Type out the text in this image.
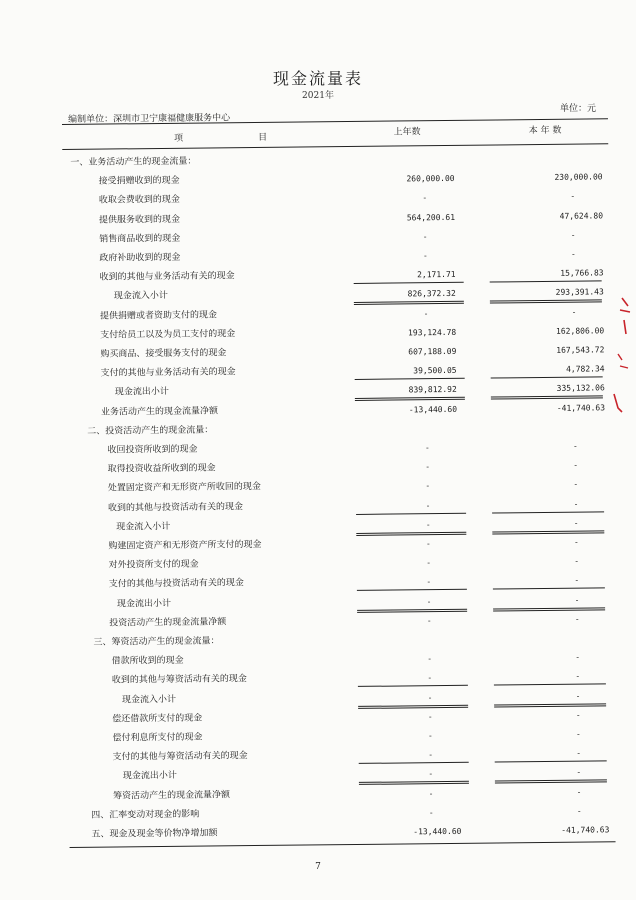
现金流量表
2021年
单位：元
编制单位：深圳市卫宁康福健康服务中心
项	目
上年数	本 年 数
一、业务活动产生的现金流量：
接受捐赠收到的现金	260,000.00	230,000.00
收取会费收到的现金	-	-
提供服务收到的现金	564,200.61	47,624.80
销售商品收到的现金	-	-
政府补助收到的现金	-	-
收到的其他与业务活动有关的现金	2,171.71	15,766.83
现金流入小计	826,372.32	293,391.43
提供捐赠或者资助支付的现金	-	-
支付给员工以及为员工支付的现金	193,124.78	162,806.00
购买商品、接受服务支付的现金	607,188.09	167,543.72
支付的其他与业务活动有关的现金	39,500.05	4,782.34
现金流出小计	839,812.92	335,132.06
业务活动产生的现金流量净额	-13,440.60	-41,740.63
二、投资活动产生的现金流量：
收回投资所收到的现金	-	-
取得投资收益所收到的现金	-	-
处置固定资产和无形资产所收回的现金	-	-
收到的其他与投资活动有关的现金	-	-
现金流入小计	-	-
购建固定资产和无形资产所支付的现金	-	-
对外投资所支付的现金	-	-
支付的其他与投资活动有关的现金	-	-
现金流出小计	-	-
投资活动产生的现金流量净额	-	-
三、筹资活动产生的现金流量：
借款所收到的现金	-	-
收到的其他与筹资活动有关的现金	-	-
现金流入小计	-	-
偿还借款所支付的现金	-	-
偿付利息所支付的现金	-	-
支付的其他与筹资活动有关的现金	-	-
现金流出小计	-	-
筹资活动产生的现金流量净额	-	-
四、汇率变动对现金的影响	-	-
五、现金及现金等价物净增加额	-13,440.60	-41,740.63
7
